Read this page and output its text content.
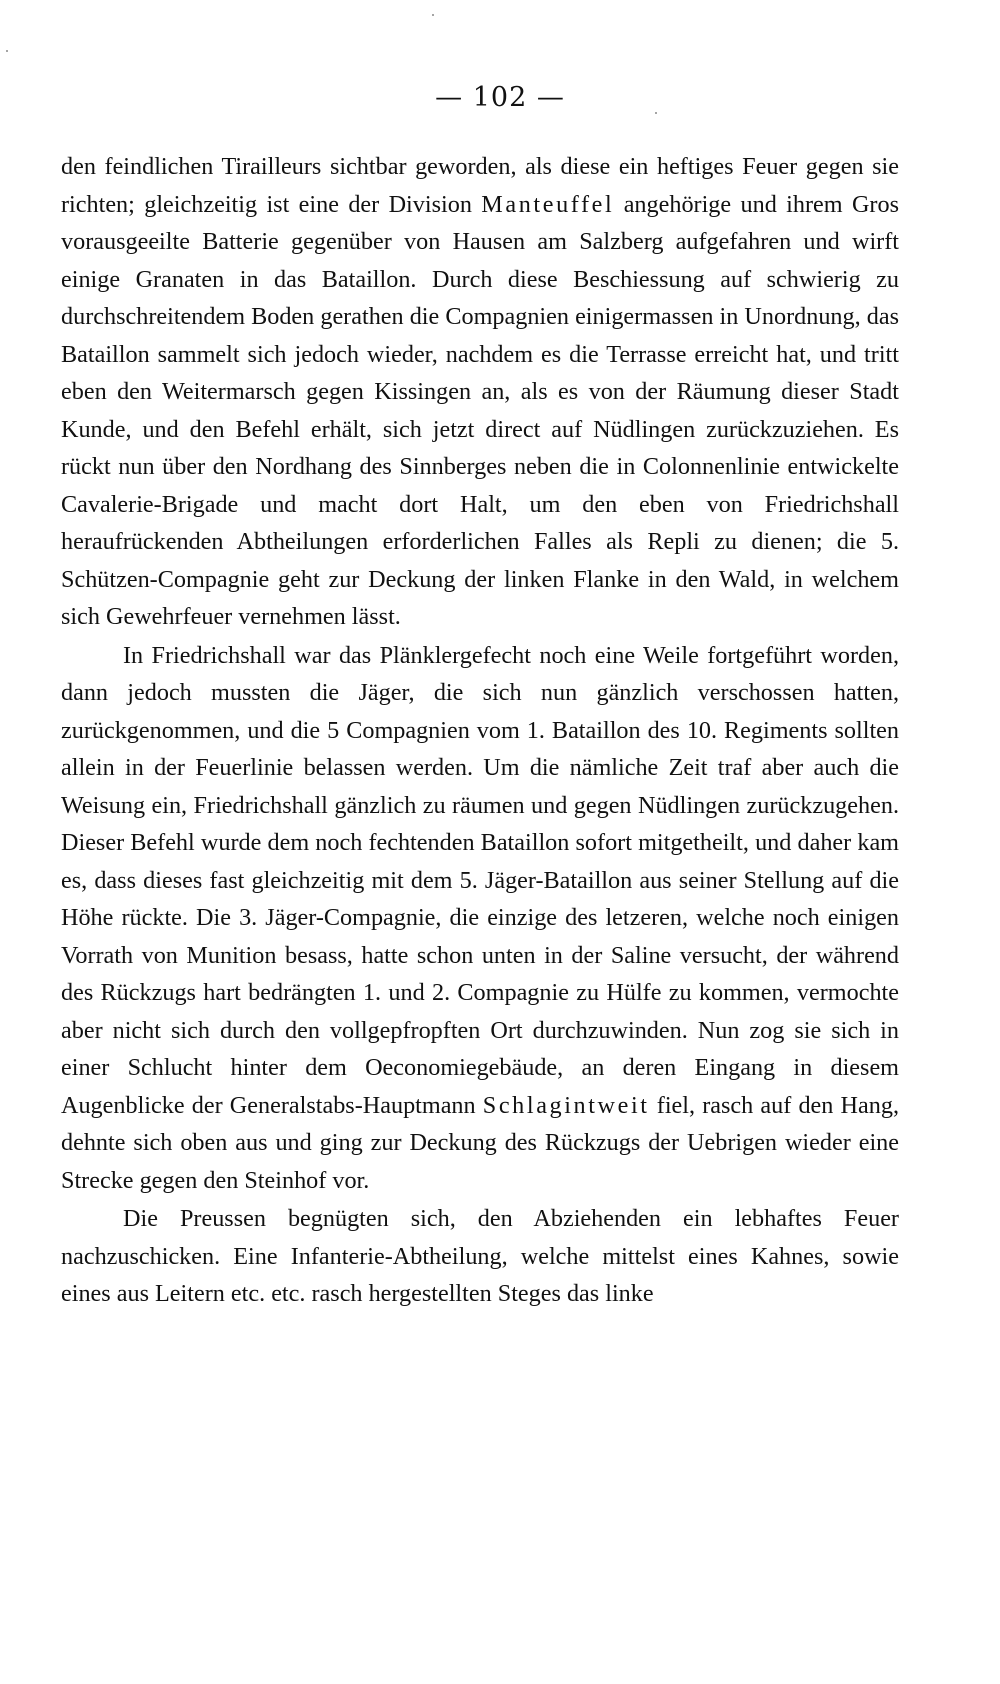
— 102 —

den feindlichen Tirailleurs sichtbar geworden, als diese ein heftiges Feuer gegen sie richten; gleichzeitig ist eine der Division Manteuffel angehörige und ihrem Gros vorausgeeilte Batterie gegenüber von Hausen am Salzberg aufgefahren und wirft einige Granaten in das Bataillon. Durch diese Beschiessung auf schwierig zu durchschreitendem Boden gerathen die Compagnien einigermassen in Unordnung, das Bataillon sammelt sich jedoch wieder, nachdem es die Terrasse erreicht hat, und tritt eben den Weitermarsch gegen Kissingen an, als es von der Räumung dieser Stadt Kunde, und den Befehl erhält, sich jetzt direct auf Nüdlingen zurückzuziehen. Es rückt nun über den Nordhang des Sinnberges neben die in Colonnenlinie entwickelte Cavalerie-Brigade und macht dort Halt, um den eben von Friedrichshall heraufrückenden Abtheilungen erforderlichen Falles als Repli zu dienen; die 5. Schützen-Compagnie geht zur Deckung der linken Flanke in den Wald, in welchem sich Gewehrfeuer vernehmen lässt.

In Friedrichshall war das Plänklergefecht noch eine Weile fortgeführt worden, dann jedoch mussten die Jäger, die sich nun gänzlich verschossen hatten, zurückgenommen, und die 5 Compagnien vom 1. Bataillon des 10. Regiments sollten allein in der Feuerlinie belassen werden. Um die nämliche Zeit traf aber auch die Weisung ein, Friedrichshall gänzlich zu räumen und gegen Nüdlingen zurückzugehen. Dieser Befehl wurde dem noch fechtenden Bataillon sofort mitgetheilt, und daher kam es, dass dieses fast gleichzeitig mit dem 5. Jäger-Bataillon aus seiner Stellung auf die Höhe rückte. Die 3. Jäger-Compagnie, die einzige des letzeren, welche noch einigen Vorrath von Munition besass, hatte schon unten in der Saline versucht, der während des Rückzugs hart bedrängten 1. und 2. Compagnie zu Hülfe zu kommen, vermochte aber nicht sich durch den vollgepfropften Ort durchzuwinden. Nun zog sie sich in einer Schlucht hinter dem Oeconomiegebäude, an deren Eingang in diesem Augenblicke der Generalstabs-Hauptmann Schlagintweit fiel, rasch auf den Hang, dehnte sich oben aus und ging zur Deckung des Rückzugs der Uebrigen wieder eine Strecke gegen den Steinhof vor.

Die Preussen begnügten sich, den Abziehenden ein lebhaftes Feuer nachzuschicken. Eine Infanterie-Abtheilung, welche mittelst eines Kahnes, sowie eines aus Leitern etc. etc. rasch hergestellten Steges das linke
